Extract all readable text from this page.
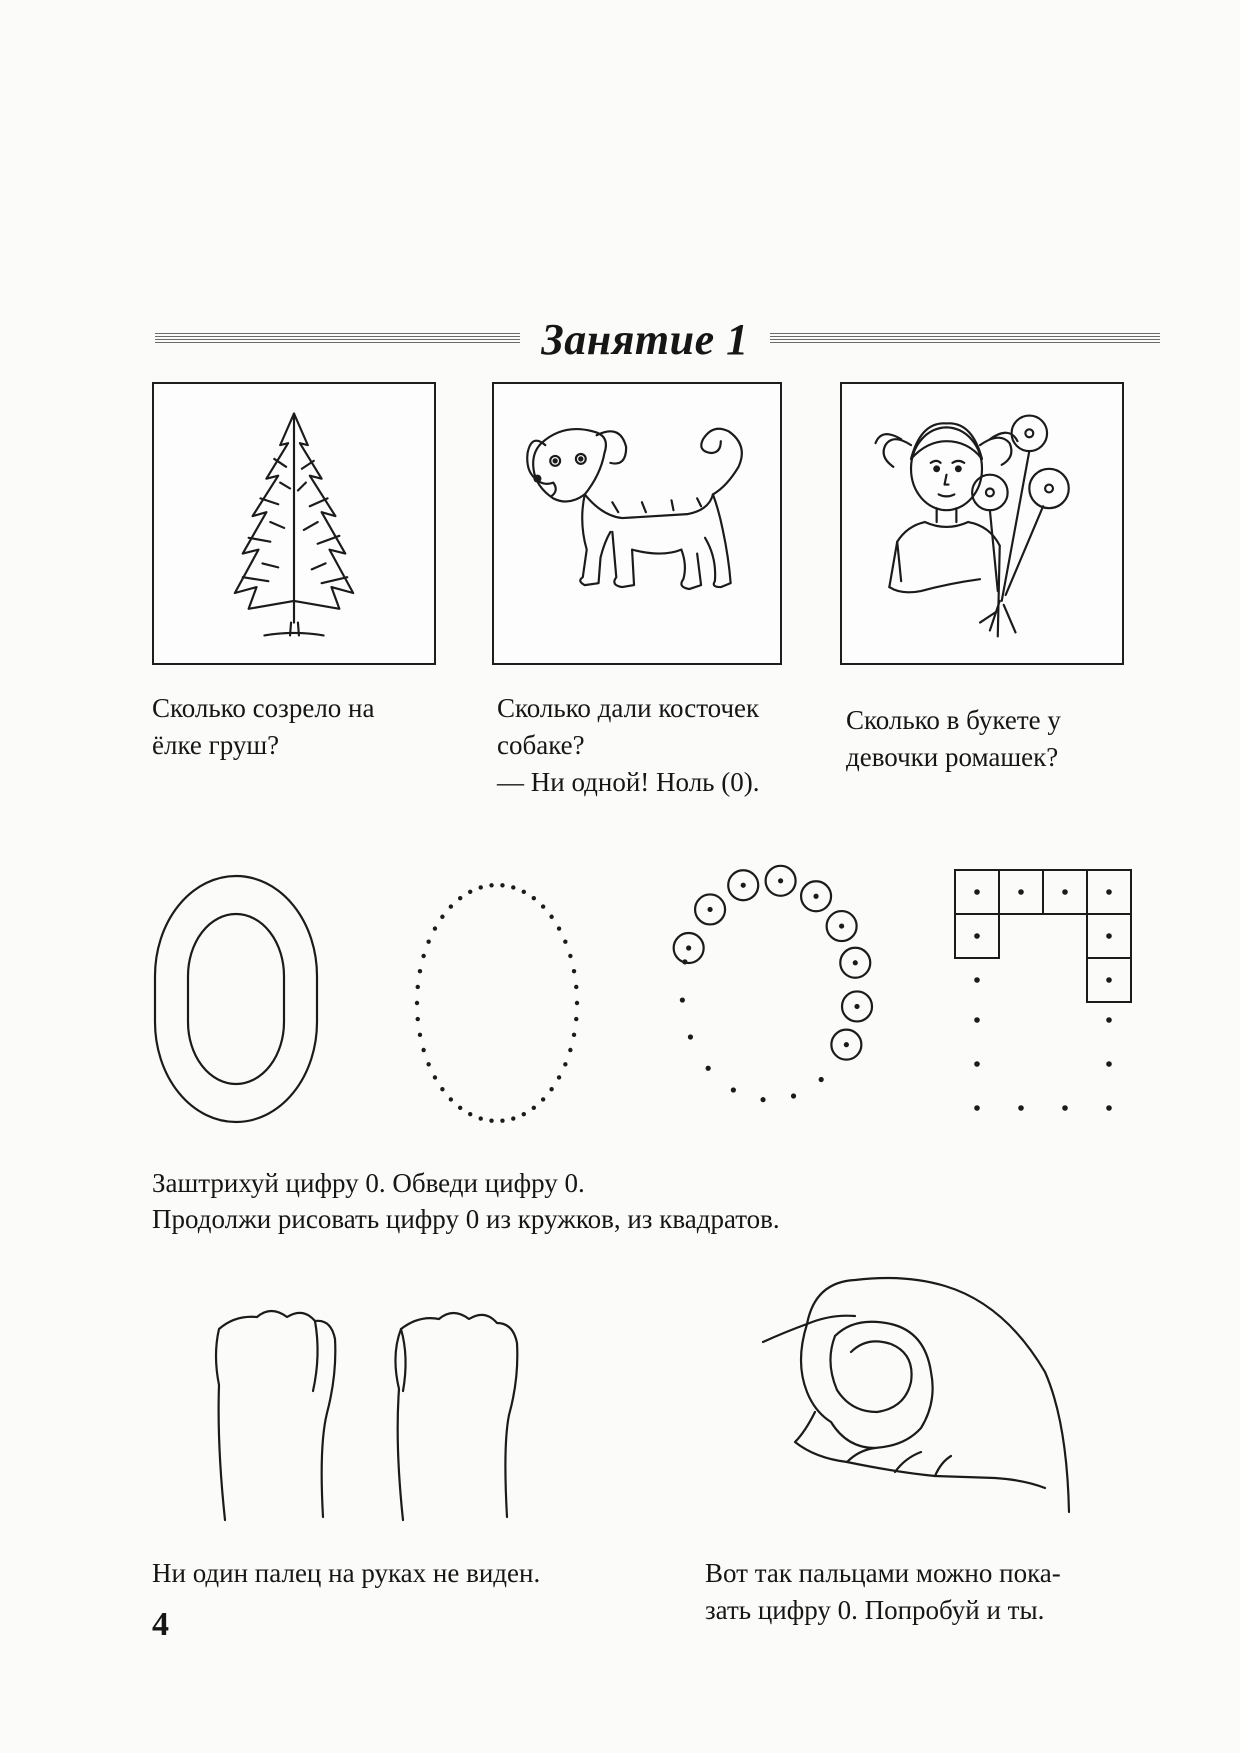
Занятие 1
Сколько созрело на
ёлке груш?
Сколько дали косточек
собаке?
— Ни одной! Ноль (0).
Сколько в букете у
девочки ромашек?
Заштрихуй цифру 0. Обведи цифру 0.
Продолжи рисовать цифру 0 из кружков, из квадратов.
Ни один палец на руках не виден.	Вот так пальцами можно пока-
зать цифру 0. Попробуй и ты.
4
